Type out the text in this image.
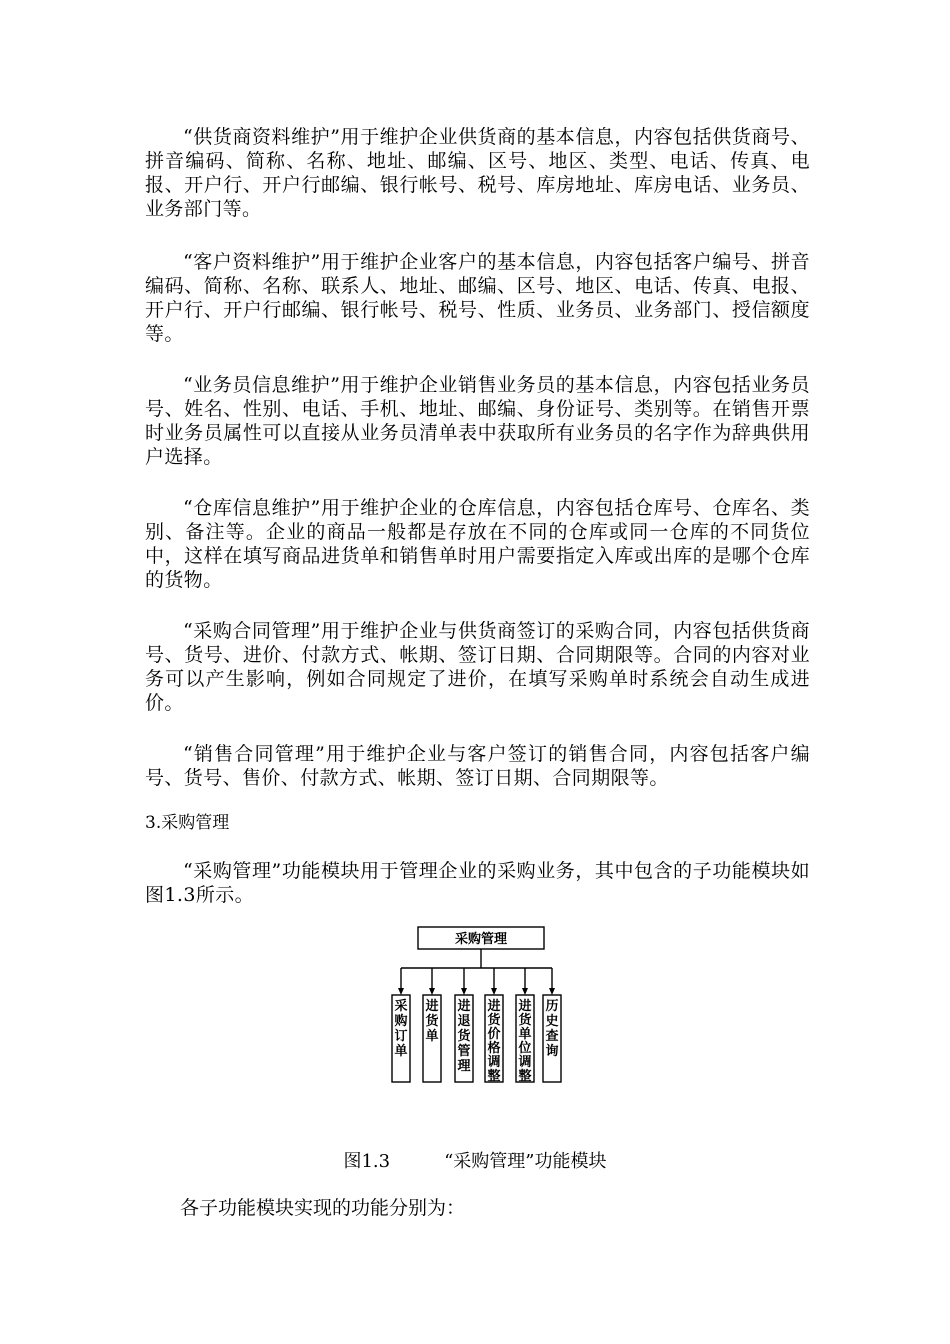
“供货商资料维护”用于维护企业供货商的基本信息，内容包括供货商号、拼音编码、简称、名称、地址、邮编、区号、地区、类型、电话、传真、电报、开户行、开户行邮编、银行帐号、税号、库房地址、库房电话、业务员、业务部门等。

“客户资料维护”用于维护企业客户的基本信息，内容包括客户编号、拼音编码、简称、名称、联系人、地址、邮编、区号、地区、电话、传真、电报、开户行、开户行邮编、银行帐号、税号、性质、业务员、业务部门、授信额度等。

“业务员信息维护”用于维护企业销售业务员的基本信息，内容包括业务员号、姓名、性别、电话、手机、地址、邮编、身份证号、类别等。在销售开票时业务员属性可以直接从业务员清单表中获取所有业务员的名字作为辞典供用户选择。

“仓库信息维护”用于维护企业的仓库信息，内容包括仓库号、仓库名、类别、备注等。企业的商品一般都是存放在不同的仓库或同一仓库的不同货位中，这样在填写商品进货单和销售单时用户需要指定入库或出库的是哪个仓库的货物。

“采购合同管理”用于维护企业与供货商签订的采购合同，内容包括供货商号、货号、进价、付款方式、帐期、签订日期、合同期限等。合同的内容对业务可以产生影响，例如合同规定了进价，在填写采购单时系统会自动生成进价。

“销售合同管理”用于维护企业与客户签订的销售合同，内容包括客户编号、货号、售价、付款方式、帐期、签订日期、合同期限等。

3.采购管理

“采购管理”功能模块用于管理企业的采购业务，其中包含的子功能模块如图1.3所示。

采购管理
采
购
订
单
进
货
单
进
退
货
管
理
进
货
价
格
调
整
进
货
单
位
调
整
历
史
查
询

图1.3　　　“采购管理”功能模块

各子功能模块实现的功能分别为：
